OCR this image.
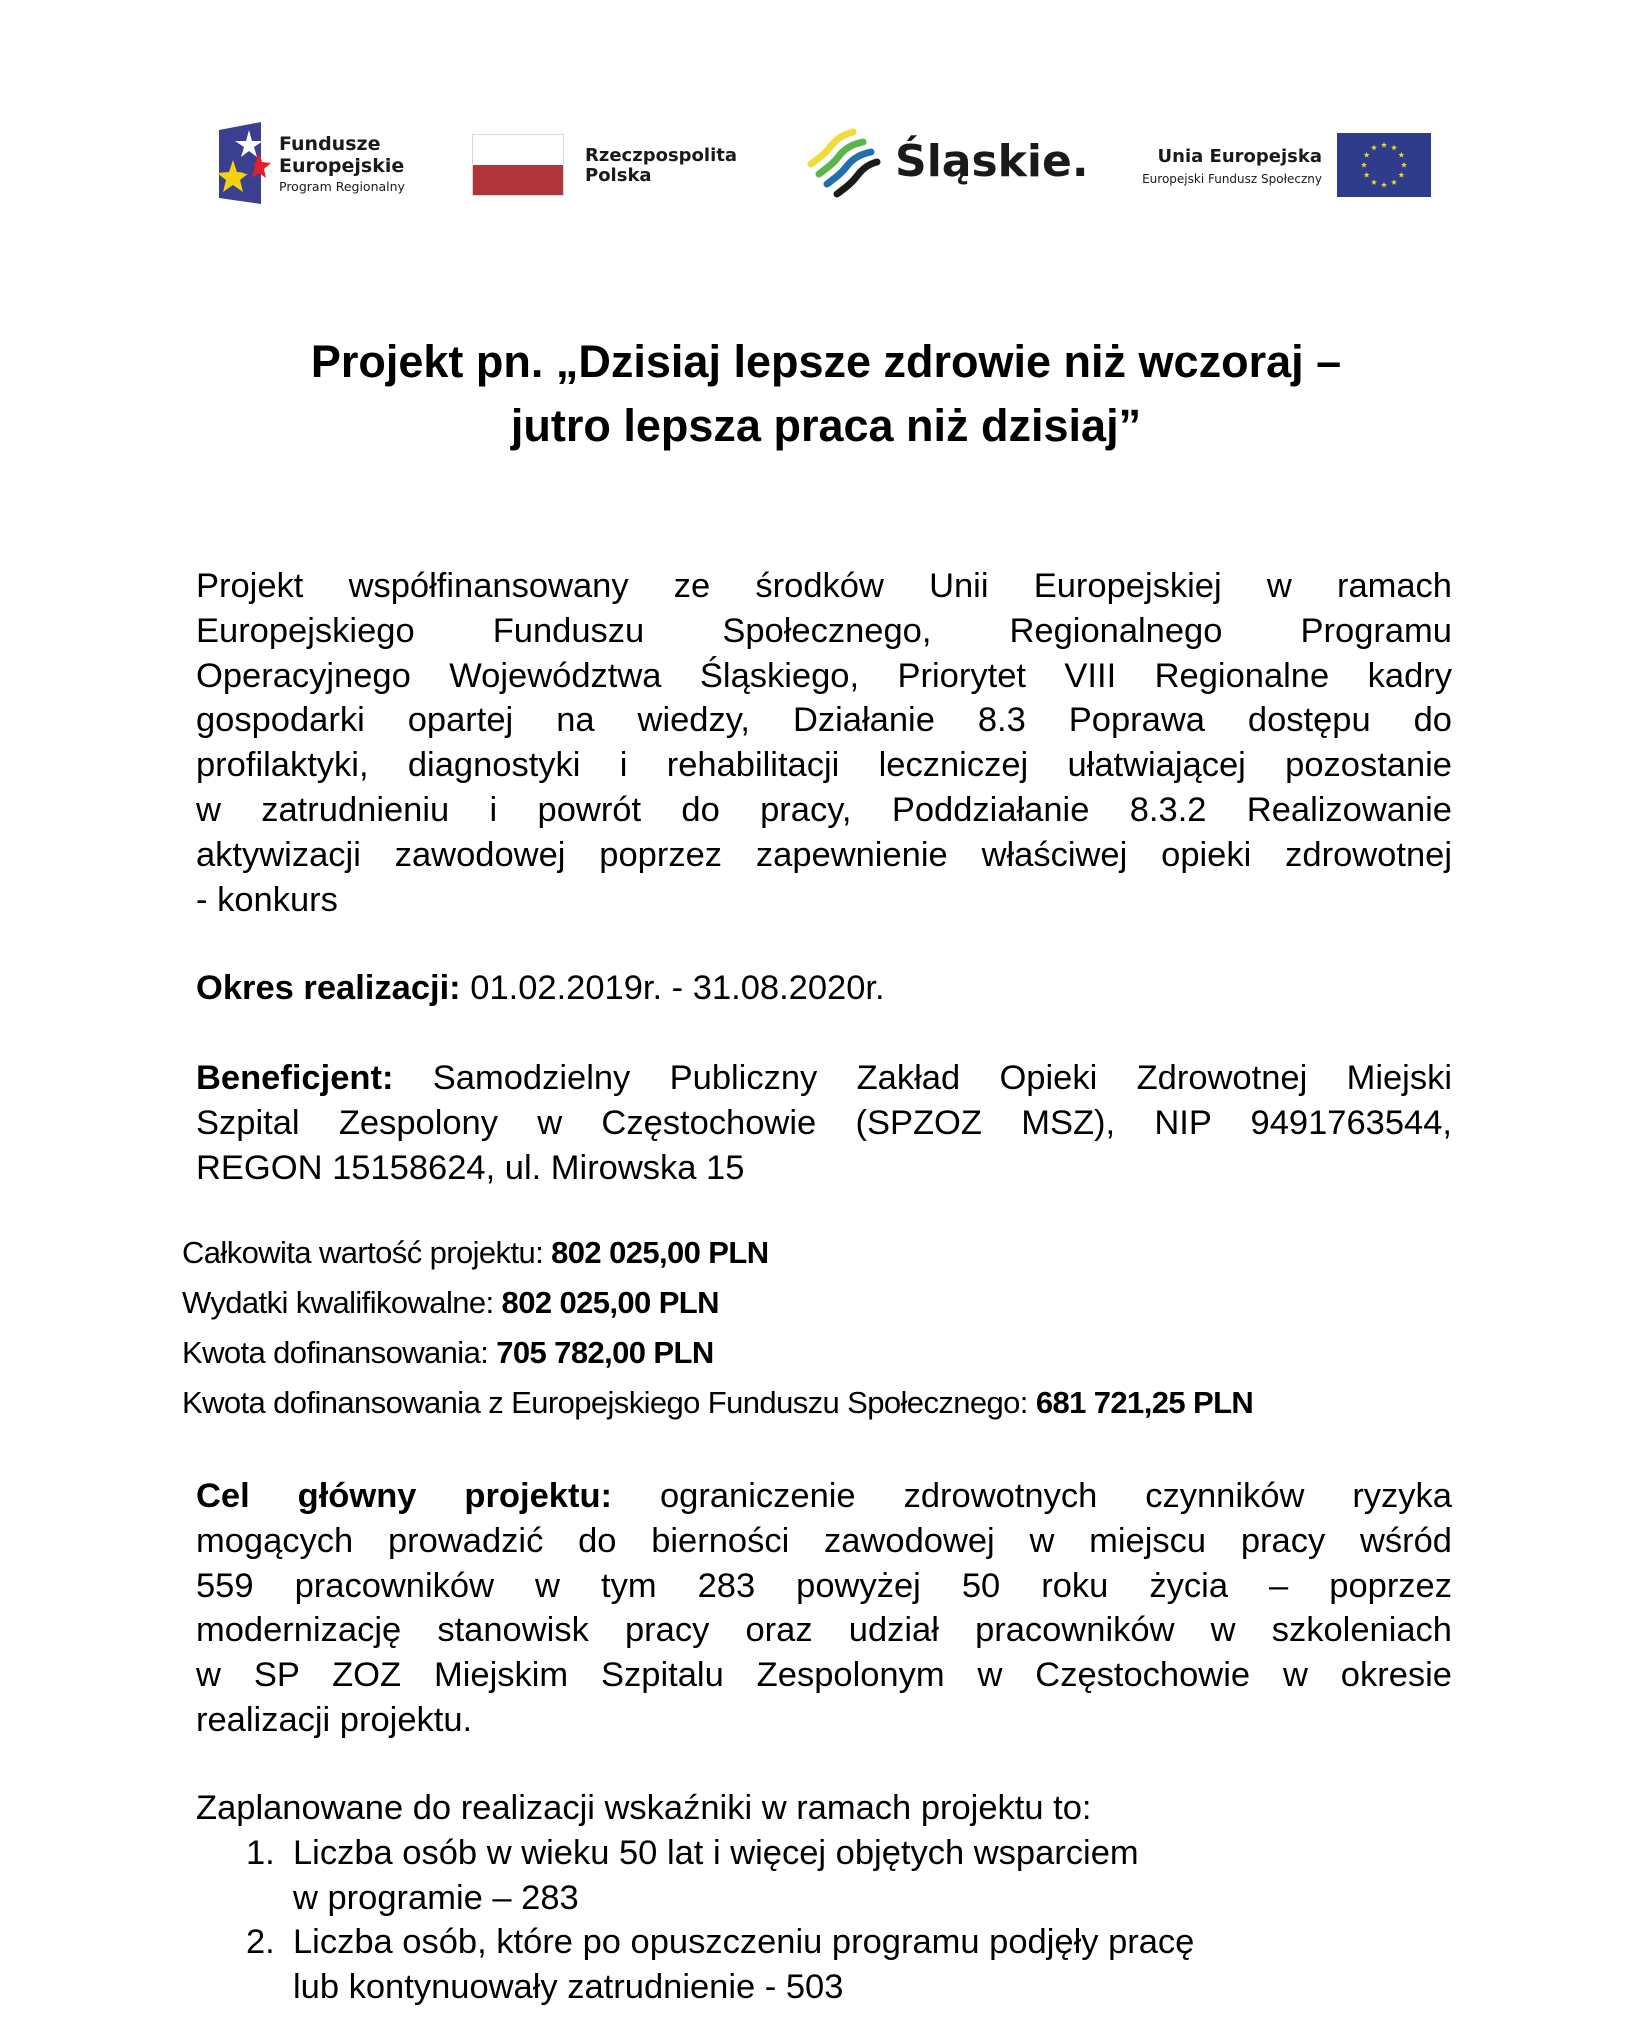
Fundusze
Europejskie
Program Regionalny
Rzeczpospolita
Polska	Śląskie.	Unia Europejska
Europejski Fundusz Społeczny
Projekt pn. „Dzisiaj lepsze zdrowie niż wczoraj –
jutro lepsza praca niż dzisiaj”
Projekt współfinansowany ze środków Unii Europejskiej w ramach
Europejskiego Funduszu Społecznego, Regionalnego Programu
Operacyjnego Województwa Śląskiego, Priorytet VIII Regionalne kadry
gospodarki opartej na wiedzy, Działanie 8.3 Poprawa dostępu do
profilaktyki, diagnostyki i rehabilitacji leczniczej ułatwiającej pozostanie
w zatrudnieniu i powrót do pracy, Poddziałanie 8.3.2 Realizowanie
aktywizacji zawodowej poprzez zapewnienie właściwej opieki zdrowotnej
- konkurs
Okres realizacji: 01.02.2019r. - 31.08.2020r.
Beneficjent: Samodzielny Publiczny Zakład Opieki Zdrowotnej Miejski
Szpital Zespolony w Częstochowie (SPZOZ MSZ), NIP 9491763544,
REGON 15158624, ul. Mirowska 15
Całkowita wartość projektu: 802 025,00 PLN
Wydatki kwalifikowalne: 802 025,00 PLN
Kwota dofinansowania: 705 782,00 PLN
Kwota dofinansowania z Europejskiego Funduszu Społecznego: 681 721,25 PLN
Cel główny projektu: ograniczenie zdrowotnych czynników ryzyka
mogących prowadzić do bierności zawodowej w miejscu pracy wśród
559 pracowników w tym 283 powyżej 50 roku życia – poprzez
modernizację stanowisk pracy oraz udział pracowników w szkoleniach
w SP ZOZ Miejskim Szpitalu Zespolonym w Częstochowie w okresie
realizacji projektu.
Zaplanowane do realizacji wskaźniki w ramach projektu to:
1. Liczba osób w wieku 50 lat i więcej objętych wsparciem
w programie – 283
2. Liczba osób, które po opuszczeniu programu podjęły pracę
lub kontynuowały zatrudnienie - 503
